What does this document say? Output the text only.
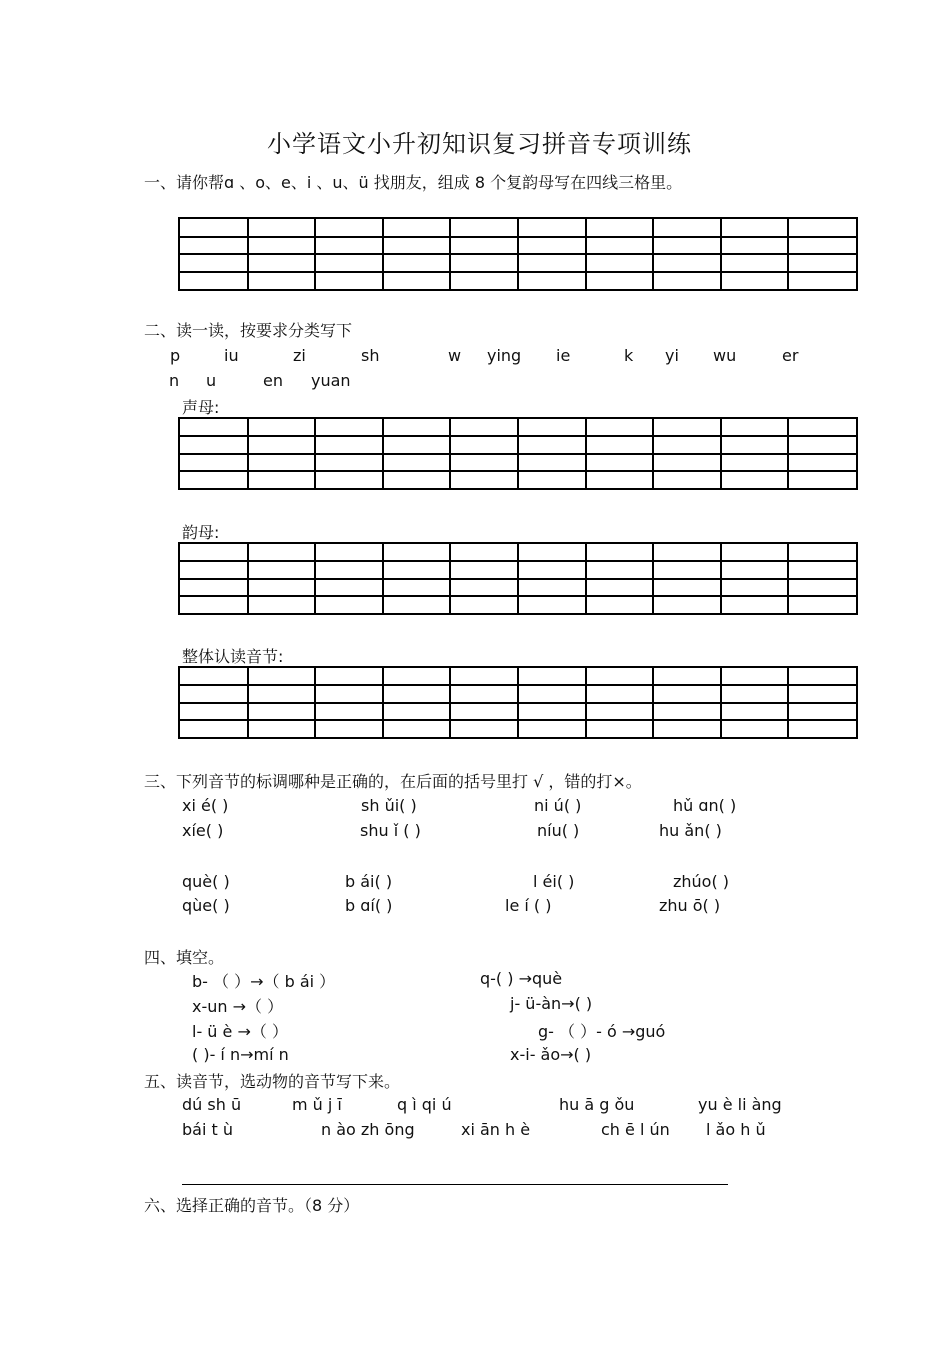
小学语文小升初知识复习拼音专项训练
一、请你帮ɑ 、o、e、i 、u、ü 找朋友，组成 8 个复韵母写在四线三格里。
二、读一读，按要求分类写下
p	iu	zi	sh	w ying ie	k yi wu	er
n u	en yuan
声母:
韵母:
整体认读音节:
三、下列音节的标调哪种是正确的，在后面的括号里打 √ ，错的打×。
xi é( )	sh ǔi( )	ni ú( )	hǔ ɑn( )
xíe( )	shu ǐ ( )	níu( )	hu ǎn( )
què( )	b ái( )	l éi( )	zhúo( )
qùe( )	b ɑí( )	le í ( )	zhu ō( )
四、填空。
b- （ ）→（ b ái ）
x-un →（ ）
l- ü è →（ ）
( )- í n→mí n
q-( ) →què
j- ü-àn→( )
g- （ ）- ó →guó
x-i- ǎo→( )
五、读音节，选动物的音节写下来。
dú sh ū	m ǔ j ī	q ì qi ú	hu ā g ǒu	yu è li àng
bái t ù	n ào zh ōng	xi ān h è	ch ē l ún l ǎo h ǔ
六、选择正确的音节。（8 分）
